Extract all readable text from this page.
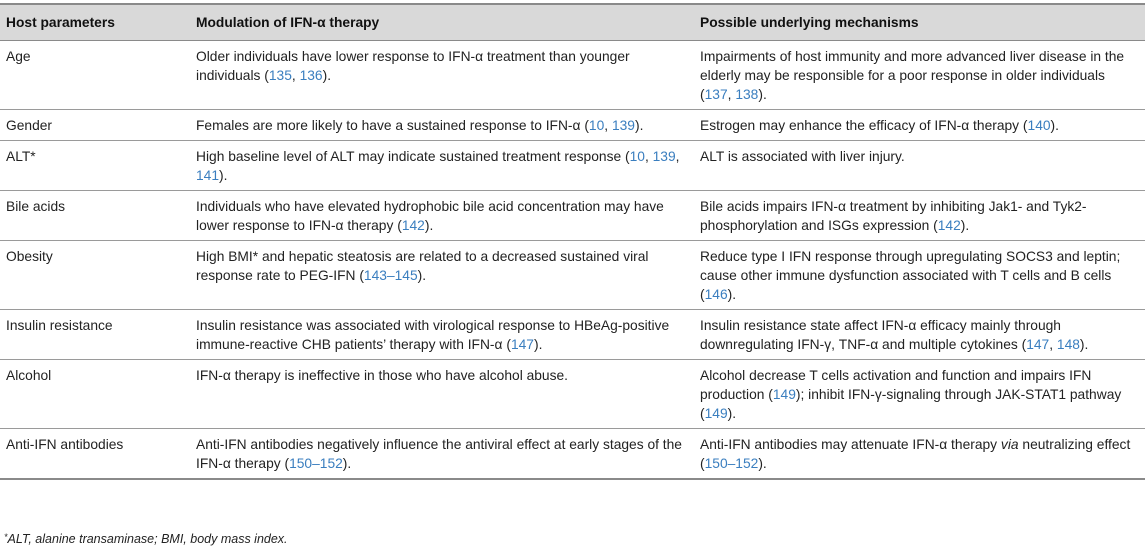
Host parameters	Modulation of IFN-α therapy	Possible underlying mechanisms
Age	Older individuals have lower response to IFN-α treatment than younger individuals (135, 136).	Impairments of host immunity and more advanced liver disease in the elderly may be responsible for a poor response in older individuals (137, 138).
Gender	Females are more likely to have a sustained response to IFN-α (10, 139).	Estrogen may enhance the efficacy of IFN-α therapy (140).
ALT*	High baseline level of ALT may indicate sustained treatment response (10, 139, 141).	ALT is associated with liver injury.
Bile acids	Individuals who have elevated hydrophobic bile acid concentration may have lower response to IFN-α therapy (142).	Bile acids impairs IFN-α treatment by inhibiting Jak1- and Tyk2-phosphorylation and ISGs expression (142).
Obesity	High BMI* and hepatic steatosis are related to a decreased sustained viral response rate to PEG-IFN (143–145).	Reduce type I IFN response through upregulating SOCS3 and leptin; cause other immune dysfunction associated with T cells and B cells (146).
Insulin resistance	Insulin resistance was associated with virological response to HBeAg-positive immune-reactive CHB patients’ therapy with IFN-α (147).	Insulin resistance state affect IFN-α efficacy mainly through downregulating IFN-γ, TNF-α and multiple cytokines (147, 148).
Alcohol	IFN-α therapy is ineffective in those who have alcohol abuse.	Alcohol decrease T cells activation and function and impairs IFN production (149); inhibit IFN-γ-signaling through JAK-STAT1 pathway (149).
Anti-IFN antibodies	Anti-IFN antibodies negatively influence the antiviral effect at early stages of the IFN-α therapy (150–152).	Anti-IFN antibodies may attenuate IFN-α therapy via neutralizing effect (150–152).
*ALT, alanine transaminase; BMI, body mass index.
